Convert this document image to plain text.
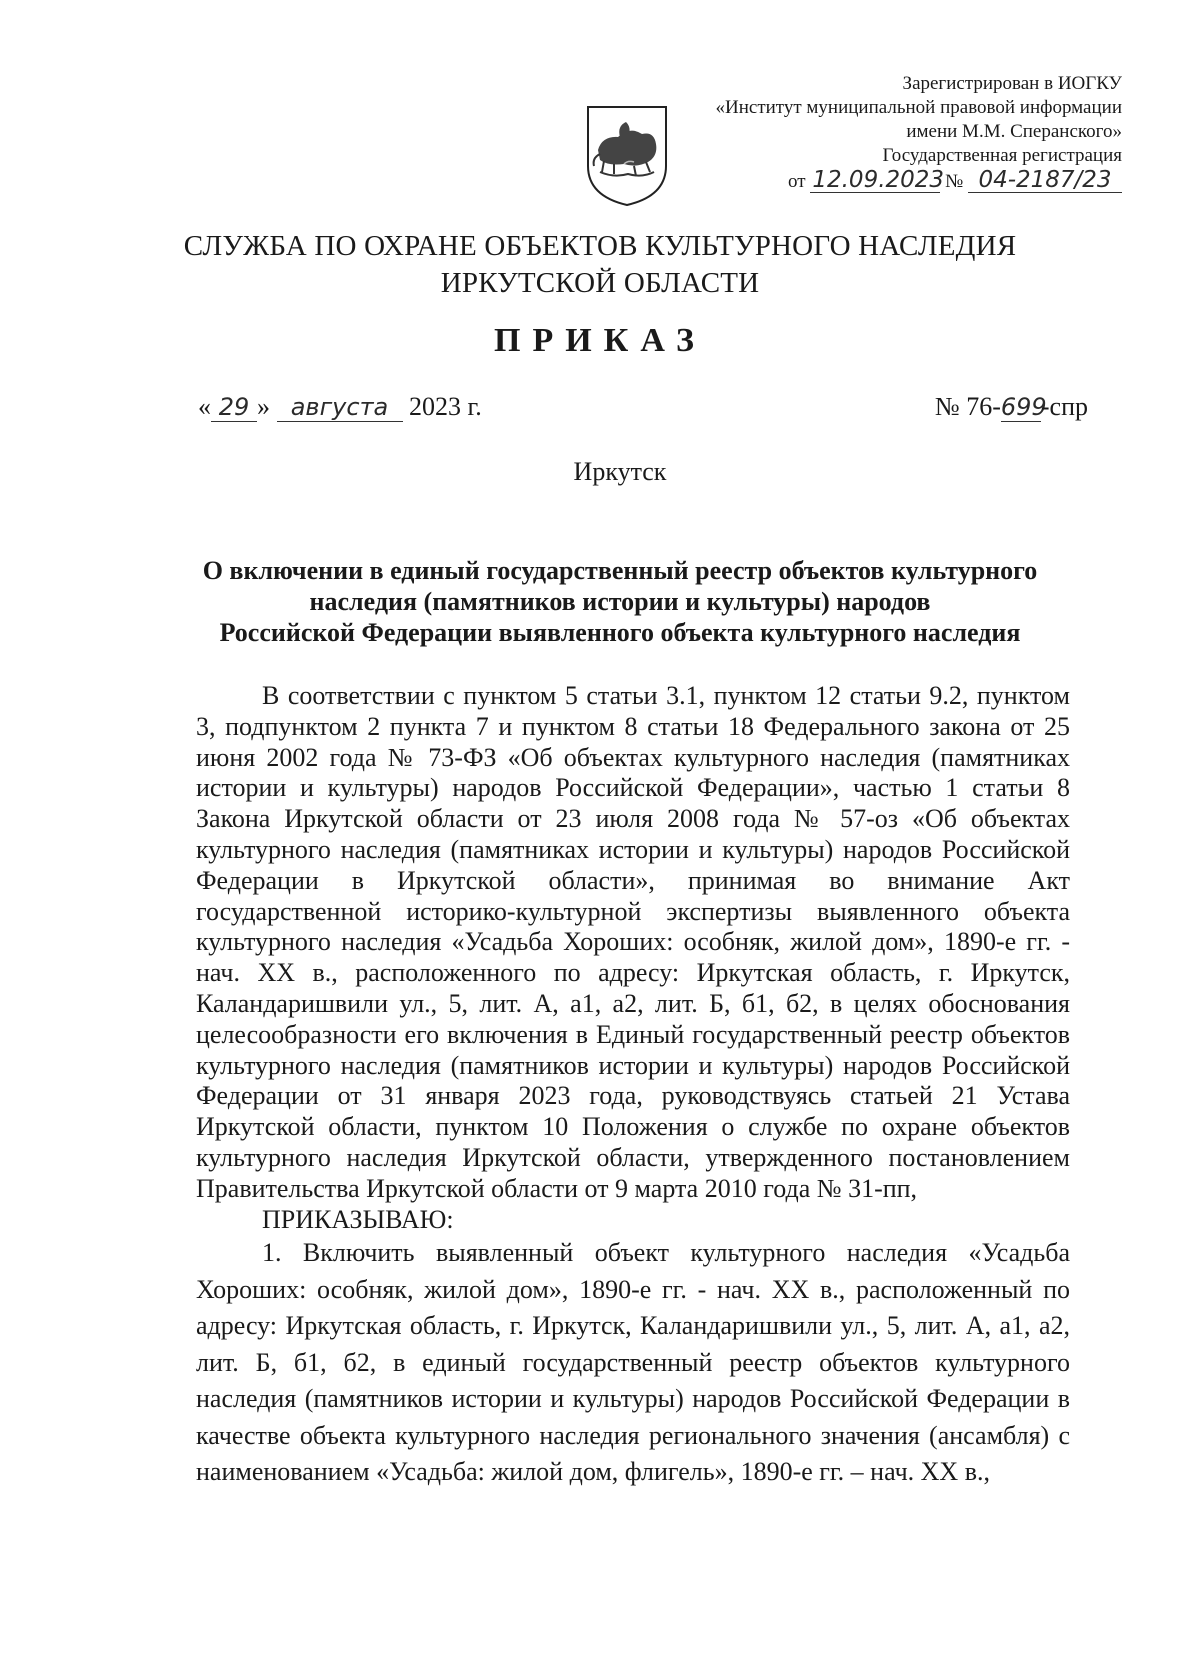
Зарегистрирован в ИОГКУ
«Институт муниципальной правовой информации
имени М.М. Сперанского»
Государственная регистрация
от 12.09.2023 № 04-2187/23
СЛУЖБА ПО ОХРАНЕ ОБЪЕКТОВ КУЛЬТУРНОГО НАСЛЕДИЯ
ИРКУТСКОЙ ОБЛАСТИ
ПРИКАЗ
« 29 » августа 2023 г.	№ 76-699-спр
Иркутск
О включении в единый государственный реестр объектов культурного
наследия (памятников истории и культуры) народов
Российской Федерации выявленного объекта культурного наследия

В соответствии с пунктом 5 статьи 3.1, пунктом 12 статьи 9.2, пунктом 3, подпунктом 2 пункта 7 и пунктом 8 статьи 18 Федерального закона от 25 июня 2002 года № 73-ФЗ «Об объектах культурного наследия (памятниках истории и культуры) народов Российской Федерации», частью 1 статьи 8 Закона Иркутской области от 23 июля 2008 года № 57-оз «Об объектах культурного наследия (памятниках истории и культуры) народов Российской Федерации в Иркутской области», принимая во внимание Акт государственной историко-культурной экспертизы выявленного объекта культурного наследия «Усадьба Хороших: особняк, жилой дом», 1890-е гг. - нач. XX в., расположенного по адресу: Иркутская область, г. Иркутск, Каландаришвили ул., 5, лит. А, а1, а2, лит. Б, б1, б2, в целях обоснования целесообразности его включения в Единый государственный реестр объектов культурного наследия (памятников истории и культуры) народов Российской Федерации от 31 января 2023 года, руководствуясь статьей 21 Устава Иркутской области, пунктом 10 Положения о службе по охране объектов культурного наследия Иркутской области, утвержденного постановлением Правительства Иркутской области от 9 марта 2010 года № 31-пп,

ПРИКАЗЫВАЮ:

1. Включить выявленный объект культурного наследия «Усадьба Хороших: особняк, жилой дом», 1890-е гг. - нач. XX в., расположенный по адресу: Иркутская область, г. Иркутск, Каландаришвили ул., 5, лит. А, а1, а2, лит. Б, б1, б2, в единый государственный реестр объектов культурного наследия (памятников истории и культуры) народов Российской Федерации в качестве объекта культурного наследия регионального значения (ансамбля) с наименованием «Усадьба: жилой дом, флигель», 1890-е гг. – нач. XX в.,
